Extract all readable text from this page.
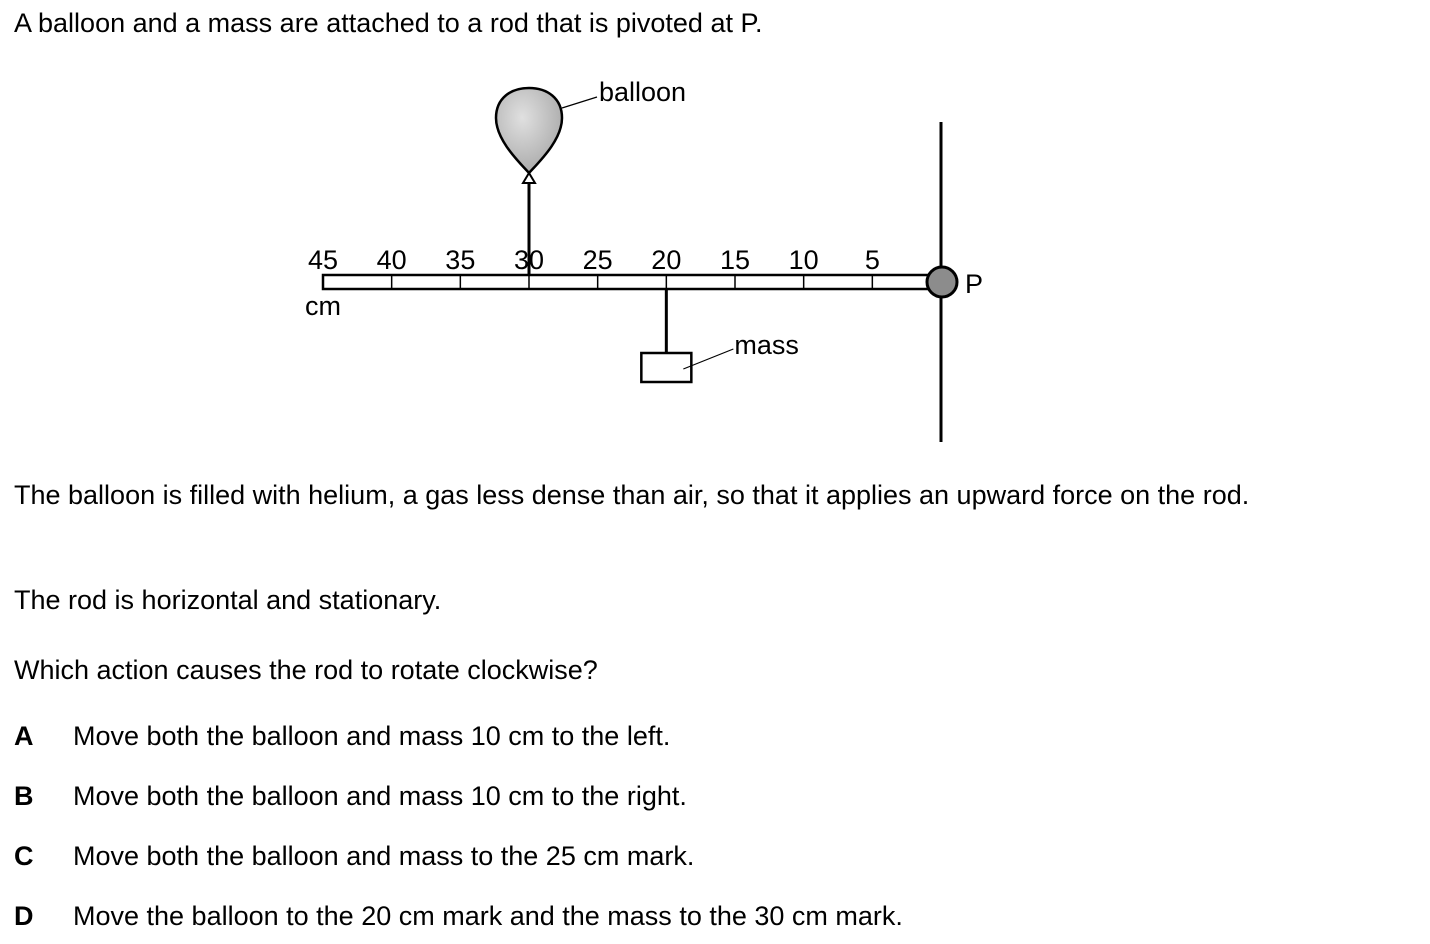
A balloon and a mass are attached to a rod that is pivoted at P.

45 40 35 30 25 20 15 10 5
cm
P
balloon
mass

The balloon is filled with helium, a gas less dense than air, so that it applies an upward force on the rod.

The rod is horizontal and stationary.

Which action causes the rod to rotate clockwise?

A Move both the balloon and mass 10 cm to the left.
B Move both the balloon and mass 10 cm to the right.
C Move both the balloon and mass to the 25 cm mark.
D Move the balloon to the 20 cm mark and the mass to the 30 cm mark.
